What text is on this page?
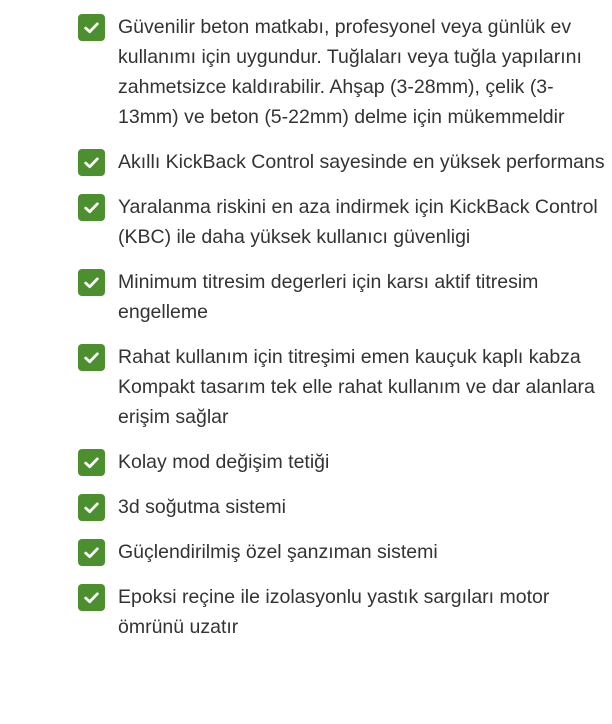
Güvenilir beton matkabı, profesyonel veya günlük ev kullanımı için uygundur. Tuğlaları veya tuğla yapılarını zahmetsizce kaldırabilir. Ahşap (3-28mm), çelik (3-13mm) ve beton (5-22mm) delme için mükemmeldir
Akıllı KickBack Control sayesinde en yüksek performans
Yaralanma riskini en aza indirmek için KickBack Control (KBC) ile daha yüksek kullanıcı güvenligi
Minimum titresim degerleri için karsı aktif titresim engelleme
Rahat kullanım için titreşimi emen kauçuk kaplı kabza Kompakt tasarım tek elle rahat kullanım ve dar alanlara erişim sağlar
Kolay mod değişim tetiği
3d soğutma sistemi
Güçlendirilmiş özel şanzıman sistemi
Epoksi reçine ile izolasyonlu yastık sargıları motor ömrünü uzatır
